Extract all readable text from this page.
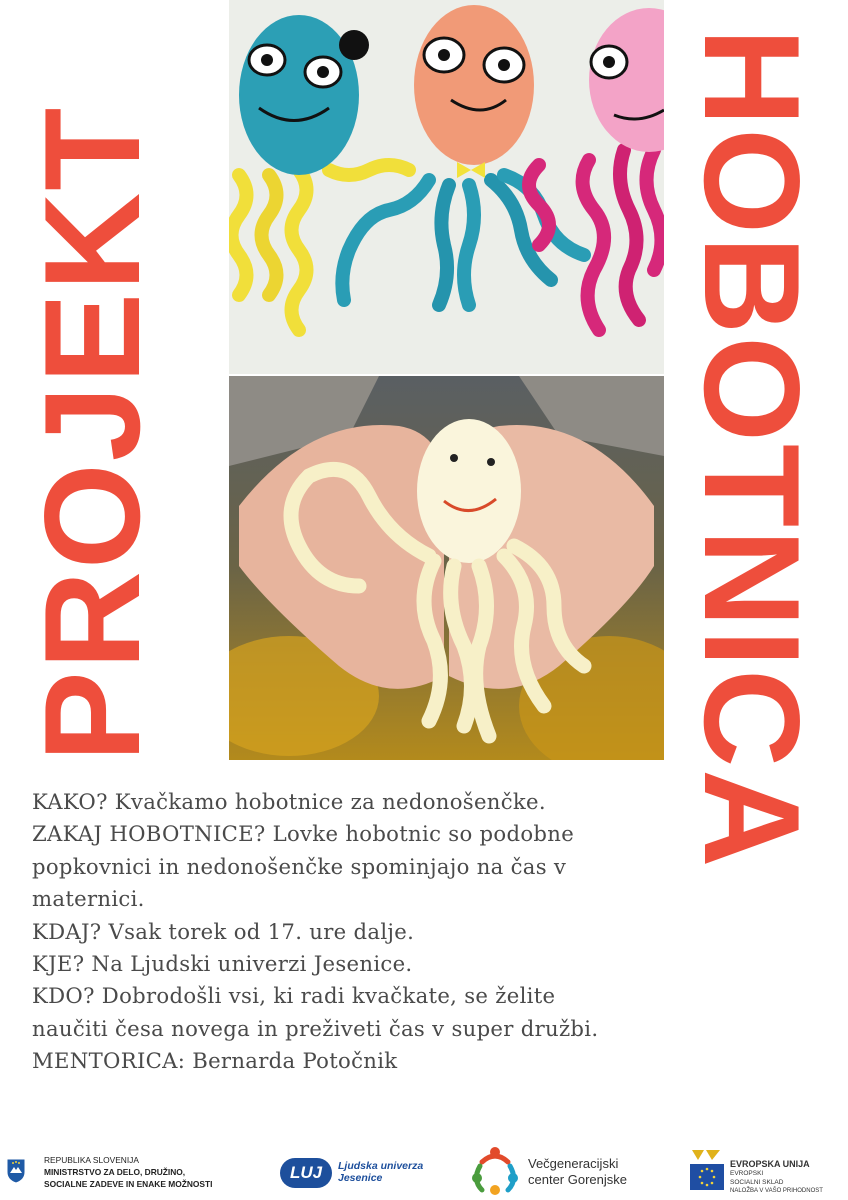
PROJEKT	HOBOTNICA
KAKO? Kvačkamo hobotnice za nedonošenčke.
ZAKAJ HOBOTNICE? Lovke hobotnic so podobne
popkovnici in nedonošenčke spominjajo na čas v
maternici.
KDAJ? Vsak torek od 17. ure dalje.
KJE? Na Ljudski univerzi Jesenice.
KDO? Dobrodošli vsi, ki radi kvačkate, se želite
naučiti česa novega in preživeti čas v super družbi.
MENTORICA: Bernarda Potočnik
REPUBLIKA SLOVENIJA
MINISTRSTVO ZA DELO, DRUŽINO,
SOCIALNE ZADEVE IN ENAKE MOŽNOSTI
LUJ	Ljudska univerza
Jesenice
Večgeneracijski
center Gorenjske
EVROPSKA UNIJA
EVROPSKI
SOCIALNI SKLAD
NALOŽBA V VAŠO PRIHODNOST
